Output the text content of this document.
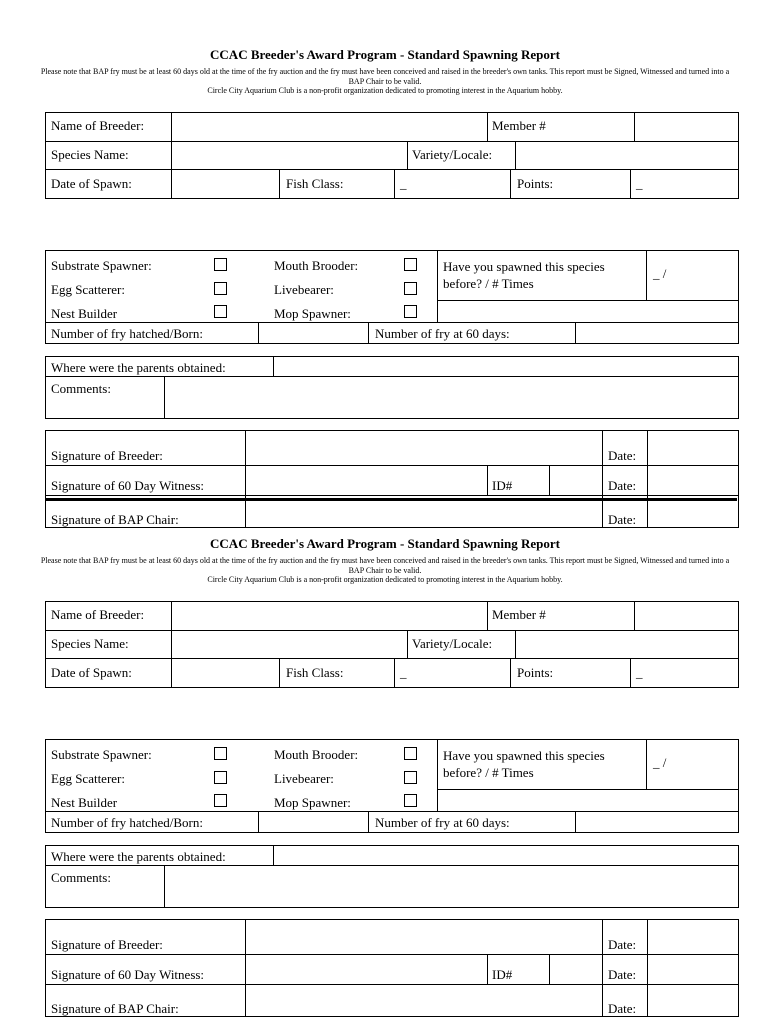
CCAC Breeder's Award Program - Standard Spawning Report
Please note that BAP fry must be at least 60 days old at the time of the fry auction and the fry must have been conceived and raised in the breeder's own tanks. This report must be Signed, Witnessed and turned into a BAP Chair to be valid.
Circle City Aquarium Club is a non-profit organization dedicated to promoting interest in the Aquarium hobby.
Name of Breeder:	Member #
Species Name:	Variety/Locale:
Date of Spawn:	Fish Class:	_	Points:	_
Substrate Spawner:	Mouth Brooder:
Egg Scatterer:	Livebearer:
Nest Builder	Mop Spawner:
Have you spawned this species
before? / # Times
_ /
Number of fry hatched/Born:	Number of fry at 60 days:
Where were the parents obtained:
Comments:
Signature of Breeder:	Date:
Signature of 60 Day Witness:	ID#	Date:
Signature of BAP Chair:	Date:
CCAC Breeder's Award Program - Standard Spawning Report
Please note that BAP fry must be at least 60 days old at the time of the fry auction and the fry must have been conceived and raised in the breeder's own tanks. This report must be Signed, Witnessed and turned into a BAP Chair to be valid.
Circle City Aquarium Club is a non-profit organization dedicated to promoting interest in the Aquarium hobby.
Name of Breeder:	Member #
Species Name:	Variety/Locale:
Date of Spawn:	Fish Class:	_	Points:	_
Substrate Spawner:	Mouth Brooder:
Egg Scatterer:	Livebearer:
Nest Builder	Mop Spawner:
Have you spawned this species
before? / # Times
_ /
Number of fry hatched/Born:	Number of fry at 60 days:
Where were the parents obtained:
Comments:
Signature of Breeder:	Date:
Signature of 60 Day Witness:	ID#	Date:
Signature of BAP Chair:	Date:
